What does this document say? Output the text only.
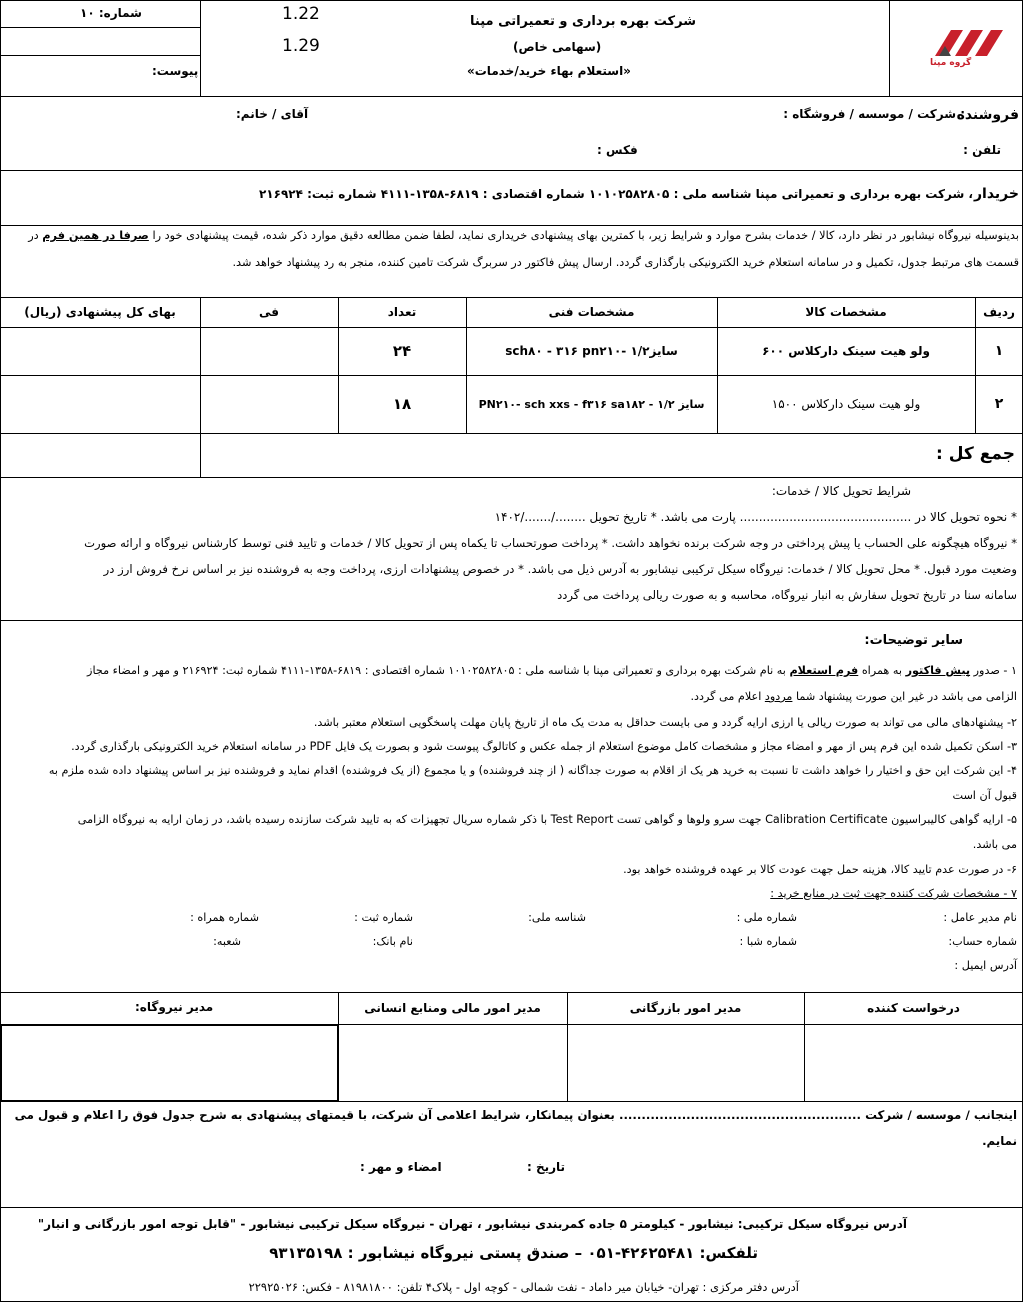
گروه مپنا
شرکت بهره برداری و تعمیراتی مپنا
(سهامی خاص)
«استعلام بهاء خرید/خدمات»
شماره: ۱۰
پیوست:
1.22
1.29
فروشنده
: شرکت / موسسه / فروشگاه :
آقای / خانم:
تلفن :
فکس :
خریدار
، شرکت بهره برداری و تعمیراتی مپنا شناسه ملی : ۱۰۱۰۲۵۸۲۸۰۵ شماره اقتصادی : ۶۸۱۹-۱۳۵۸-۴۱۱۱ شماره ثبت: ۲۱۶۹۲۴
بدینوسیله نیروگاه نیشابور در نظر دارد، کالا / خدمات بشرح موارد و شرایط زیر، با کمترین بهای پیشنهادی خریداری نماید، لطفا ضمن مطالعه دقیق موارد ذکر شده، قیمت پیشنهادی خود را صرفا در همین فرم در
قسمت های مرتبط جدول، تکمیل و در سامانه استعلام خرید الکترونیکی بارگذاری گردد. ارسال پیش فاکتور در سربرگ شرکت تامین کننده، منجر به رد پیشنهاد خواهد شد.
ردیف
مشخصات کالا
مشخصات فنی
تعداد
فی
بهای کل پیشنهادی (ریال)
۱
ولو هیت سینک دارکلاس ۶۰۰
سایز۱/۲ -sch۸۰ - ۳۱۶ pn۲۱۰
۲۴
۲
ولو هیت سینک دارکلاس ۱۵۰۰
سایز ۱/۲ - PN۲۱۰- sch xxs - f۳۱۶ sa۱۸۲
۱۸
جمع کل :
شرایط تحویل کالا / خدمات:
* نحوه تحویل کالا در ............................................. پارت می باشد. * تاریخ تحویل ......../......./۱۴۰۲
* نیروگاه هیچگونه علی الحساب یا پیش پرداختی در وجه شرکت برنده نخواهد داشت. * پرداخت صورتحساب تا یکماه پس از تحویل کالا / خدمات و تایید فنی توسط کارشناس نیروگاه و ارائه صورت
وضعیت مورد قبول. * محل تحویل کالا / خدمات: نیروگاه سیکل ترکیبی نیشابور به آدرس ذیل می باشد. * در خصوص پیشنهادات ارزی، پرداخت وجه به فروشنده نیز بر اساس نرخ فروش ارز در
سامانه سنا در تاریخ تحویل سفارش به انبار نیروگاه، محاسبه و به صورت ریالی پرداخت می گردد
سایر توضیحات:
۱ - صدور پیش فاکتور به همراه فرم استعلام به نام شرکت بهره برداری و تعمیراتی مپنا با شناسه ملی : ۱۰۱۰۲۵۸۲۸۰۵ شماره اقتصادی : ۶۸۱۹-۱۳۵۸-۴۱۱۱ شماره ثبت: ۲۱۶۹۲۴ و مهر و امضاء مجاز
الزامی می باشد در غیر این صورت پیشنهاد شما مردود اعلام می گردد.
۲- پیشنهادهای مالی می تواند به صورت ریالی یا ارزی ارایه گردد و می بایست حداقل به مدت یک ماه از تاریخ پایان مهلت پاسخگویی استعلام معتبر باشد.
۳- اسکن تکمیل شده این فرم پس از مهر و امضاء مجاز و مشخصات کامل موضوع استعلام از جمله عکس و کاتالوگ پیوست شود و بصورت یک فایل PDF در سامانه استعلام خرید الکترونیکی بارگذاری گردد.
۴- این شرکت این حق و اختیار را خواهد داشت تا نسبت به خرید هر یک از اقلام به صورت جداگانه ( از چند فروشنده) و یا مجموع (از یک فروشنده) اقدام نماید و فروشنده نیز بر اساس پیشنهاد داده شده ملزم به
قبول آن است
۵- ارایه گواهی کالیبراسیون Calibration Certificate جهت سرو ولوها و گواهی تست Test Report با ذکر شماره سریال تجهیزات که به تایید شرکت سازنده رسیده باشد، در زمان ارایه به نیروگاه الزامی
می باشد.
۶- در صورت عدم تایید کالا، هزینه حمل جهت عودت کالا بر عهده فروشنده خواهد بود.
۷ - مشخصات شرکت کننده جهت ثبت در منابع خرید :
نام مدیر عامل :
شماره ملی :
شناسه ملی:
شماره ثبت :
شماره همراه :
شماره حساب:
شماره شبا :
نام بانک:
شعبه:
آدرس ایمیل :
درخواست کننده
مدیر امور بازرگانی
مدیر امور مالی ومنابع انسانی
مدیر نیروگاه:
اینجانب / موسسه / شرکت ...................................................... بعنوان پیمانکار، شرایط اعلامی آن شرکت، با قیمتهای پیشنهادی به شرح جدول فوق را اعلام و قبول می
نمایم.
تاریخ :
امضاء و مهر :
آدرس نیروگاه سیکل ترکیبی: نیشابور - کیلومتر ۵ جاده کمربندی نیشابور ، تهران - نیروگاه سیکل ترکیبی نیشابور - "قابل توجه امور بازرگانی و انبار"
تلفکس: ۴۲۶۲۵۴۸۱-۰۵۱ – صندق پستی نیروگاه نیشابور : ۹۳۱۳۵۱۹۸
آدرس دفتر مرکزی : تهران- خیابان میر داماد - نفت شمالی - کوچه اول - پلاک۴ تلفن: ۸۱۹۸۱۸۰۰ - فکس: ۲۲۹۲۵۰۲۶
